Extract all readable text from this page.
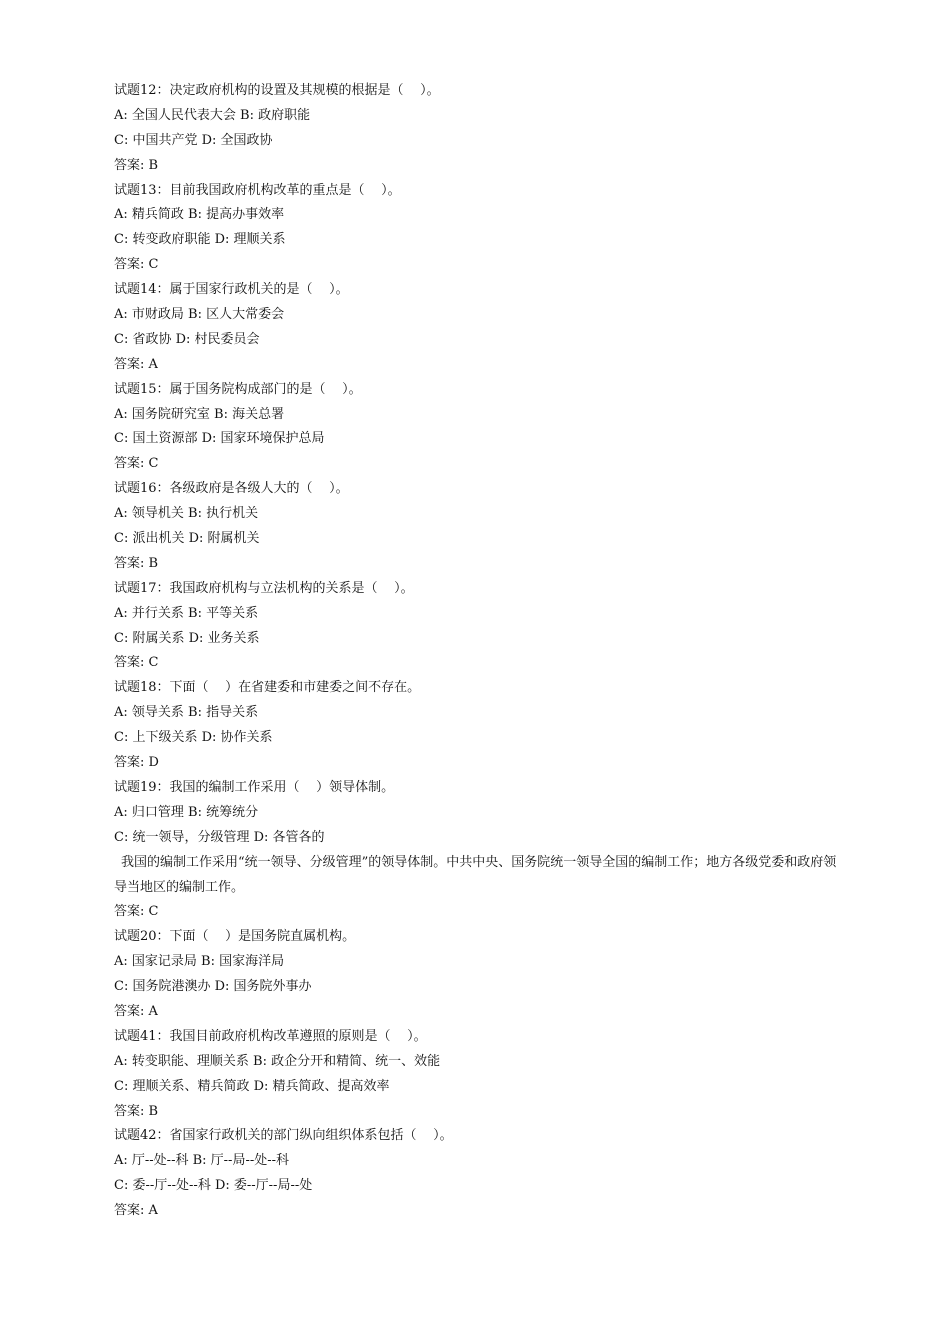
试题12：决定政府机构的设置及其规模的根据是（    ）。
A: 全国人民代表大会 B: 政府职能
C: 中国共产党 D: 全国政协
答案: B
试题13：目前我国政府机构改革的重点是（    ）。
A: 精兵简政 B: 提高办事效率
C: 转变政府职能 D: 理顺关系
答案: C
试题14：属于国家行政机关的是（    ）。
A: 市财政局 B: 区人大常委会
C: 省政协 D: 村民委员会
答案: A
试题15：属于国务院构成部门的是（    ）。
A: 国务院研究室 B: 海关总署
C: 国土资源部 D: 国家环境保护总局
答案: C
试题16：各级政府是各级人大的（    ）。
A: 领导机关 B: 执行机关
C: 派出机关 D: 附属机关
答案: B
试题17：我国政府机构与立法机构的关系是（    ）。
A: 并行关系 B: 平等关系
C: 附属关系 D: 业务关系
答案: C
试题18：下面（    ）在省建委和市建委之间不存在。
A: 领导关系 B: 指导关系
C: 上下级关系 D: 协作关系
答案: D
试题19：我国的编制工作采用（    ）领导体制。
A: 归口管理 B: 统筹统分
C: 统一领导，分级管理 D: 各管各的
我国的编制工作采用“统一领导、分级管理”的领导体制。中共中央、国务院统一领导全国的编制工作；地方各级党委和政府领导当地区的编制工作。
答案: C
试题20：下面（    ）是国务院直属机构。
A: 国家记录局 B: 国家海洋局
C: 国务院港澳办 D: 国务院外事办
答案: A
试题41：我国目前政府机构改革遵照的原则是（    ）。
A: 转变职能、理顺关系 B: 政企分开和精简、统一、效能
C: 理顺关系、精兵简政 D: 精兵简政、提高效率
答案: B
试题42：省国家行政机关的部门纵向组织体系包括（    ）。
A: 厅--处--科 B: 厅--局--处--科
C: 委--厅--处--科 D: 委--厅--局--处
答案: A
